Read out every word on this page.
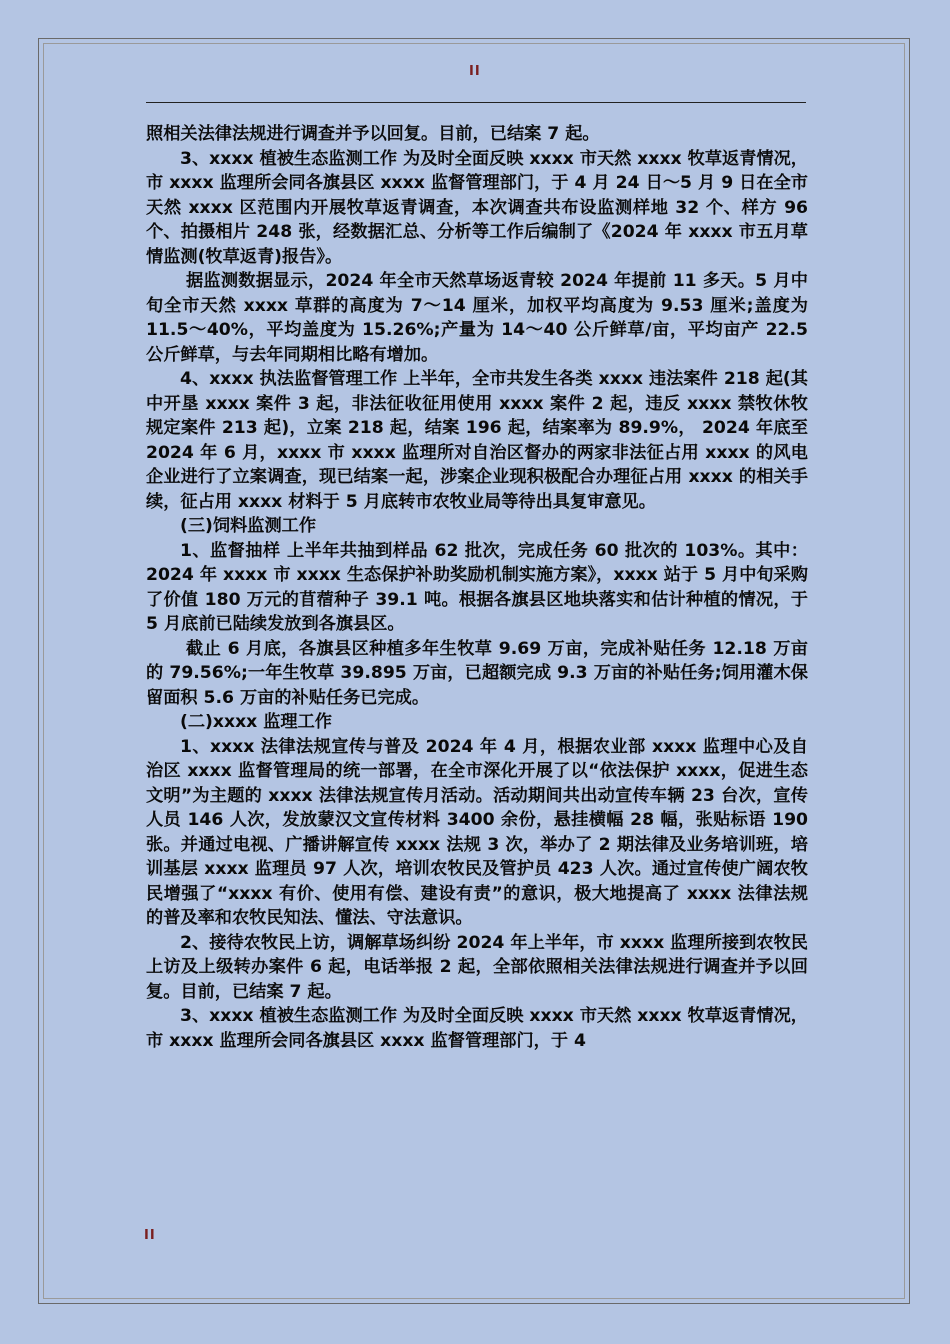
II

照相关法律法规进行调查并予以回复。目前，已结案 7 起。

3、xxxx 植被生态监测工作 为及时全面反映 xxxx 市天然 xxxx 牧草返青情况，市 xxxx 监理所会同各旗县区 xxxx 监督管理部门，于 4 月 24 日～5 月 9 日在全市天然 xxxx 区范围内开展牧草返青调查，本次调查共布设监测样地 32 个、样方 96 个、拍摄相片 248 张，经数据汇总、分析等工作后编制了《2024 年 xxxx 市五月草情监测(牧草返青)报告》。

据监测数据显示，2024 年全市天然草场返青较 2024 年提前 11 多天。5 月中旬全市天然 xxxx 草群的高度为 7～14 厘米，加权平均高度为 9.53 厘米;盖度为 11.5～40%，平均盖度为 15.26%;产量为 14～40 公斤鲜草/亩，平均亩产 22.5 公斤鲜草，与去年同期相比略有增加。

4、xxxx 执法监督管理工作 上半年，全市共发生各类 xxxx 违法案件 218 起(其中开垦 xxxx 案件 3 起，非法征收征用使用 xxxx 案件 2 起，违反 xxxx 禁牧休牧规定案件 213 起)，立案 218 起，结案 196 起，结案率为 89.9%， 2024 年底至 2024 年 6 月，xxxx 市 xxxx 监理所对自治区督办的两家非法征占用 xxxx 的风电企业进行了立案调查，现已结案一起，涉案企业现积极配合办理征占用 xxxx 的相关手续，征占用 xxxx 材料于 5 月底转市农牧业局等待出具复审意见。

(三)饲料监测工作

1、监督抽样 上半年共抽到样品 62 批次，完成任务 60 批次的 103%。其中：2024 年 xxxx 市 xxxx 生态保护补助奖励机制实施方案》，xxxx 站于 5 月中旬采购了价值 180 万元的苜蓿种子 39.1 吨。根据各旗县区地块落实和估计种植的情况，于 5 月底前已陆续发放到各旗县区。

截止 6 月底，各旗县区种植多年生牧草 9.69 万亩，完成补贴任务 12.18 万亩的 79.56%;一年生牧草 39.895 万亩，已超额完成 9.3 万亩的补贴任务;饲用灌木保留面积 5.6 万亩的补贴任务已完成。

(二)xxxx 监理工作

1、xxxx 法律法规宣传与普及 2024 年 4 月，根据农业部 xxxx 监理中心及自治区 xxxx 监督管理局的统一部署，在全市深化开展了以“依法保护 xxxx，促进生态文明”为主题的 xxxx 法律法规宣传月活动。活动期间共出动宣传车辆 23 台次，宣传人员 146 人次，发放蒙汉文宣传材料 3400 余份，悬挂横幅 28 幅，张贴标语 190 张。并通过电视、广播讲解宣传 xxxx 法规 3 次，举办了 2 期法律及业务培训班，培训基层 xxxx 监理员 97 人次，培训农牧民及管护员 423 人次。通过宣传使广阔农牧民增强了“xxxx 有价、使用有偿、建设有责”的意识，极大地提高了 xxxx 法律法规的普及率和农牧民知法、懂法、守法意识。

2、接待农牧民上访，调解草场纠纷 2024 年上半年，市 xxxx 监理所接到农牧民上访及上级转办案件 6 起，电话举报 2 起，全部依照相关法律法规进行调查并予以回复。目前，已结案 7 起。

3、xxxx 植被生态监测工作 为及时全面反映 xxxx 市天然 xxxx 牧草返青情况，市 xxxx 监理所会同各旗县区 xxxx 监督管理部门，于 4

II
